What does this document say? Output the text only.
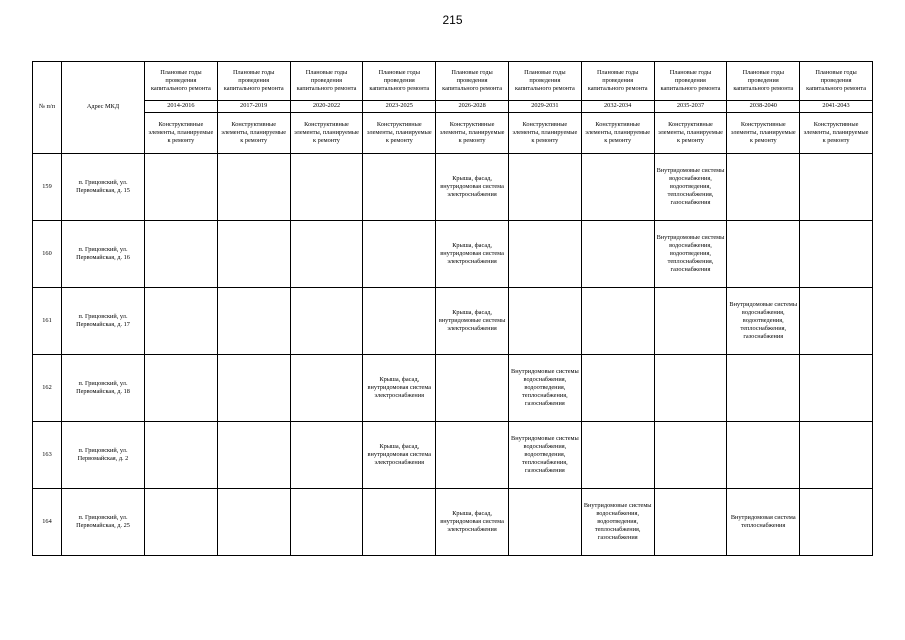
215
№ п/п	Адрес МКД	Плановые годы проведения капитального ремонта	Плановые годы проведения капитального ремонта	Плановые годы проведения капитального ремонта	Плановые годы проведения капитального ремонта	Плановые годы проведения капитального ремонта	Плановые годы проведения капитального ремонта	Плановые годы проведения капитального ремонта	Плановые годы проведения капитального ремонта	Плановые годы проведения капитального ремонта	Плановые годы проведения капитального ремонта
		2014-2016	2017-2019	2020-2022	2023-2025	2026-2028	2029-2031	2032-2034	2035-2037	2038-2040	2041-2043
		Конструктивные элементы, планируемые к ремонту	Конструктивные элементы, планируемые к ремонту	Конструктивные элементы, планируемые к ремонту	Конструктивные элементы, планируемые к ремонту	Конструктивные элементы, планируемые к ремонту	Конструктивные элементы, планируемые к ремонту	Конструктивные элементы, планируемые к ремонту	Конструктивные элементы, планируемые к ремонту	Конструктивные элементы, планируемые к ремонту	Конструктивные элементы, планируемые к ремонту
159	п. Грицовский, ул. Первомайская, д. 15					Крыша, фасад, внутридомовая система электроснабжения			Внутридомовые системы водоснабжения, водоотведения, теплоснабжения, газоснабжения		
160	п. Грицовский, ул. Первомайская, д. 16					Крыша, фасад, внутридомовая система электроснабжения			Внутридомовые системы водоснабжения, водоотведения, теплоснабжения, газоснабжения		
161	п. Грицовский, ул. Первомайская, д. 17					Крыша, фасад, внутридомовые системы электроснабжения				Внутридомовые системы водоснабжения, водоотведения, теплоснабжения, газоснабжения	
162	п. Грицовский, ул. Первомайская, д. 18				Крыша, фасад, внутридомовая система электроснабжения		Внутридомовые системы водоснабжения, водоотведения, теплоснабжения, газоснабжения				
163	п. Грицовский, ул. Первомайская, д. 2				Крыша, фасад, внутридомовая система электроснабжения		Внутридомовые системы водоснабжения, водоотведения, теплоснабжения, газоснабжения				
164	п. Грицовский, ул. Первомайская, д. 25					Крыша, фасад, внутридомовая система электроснабжения		Внутридомовые системы водоснабжения, водоотведения, теплоснабжения, газоснабжения		Внутридомовая система теплоснабжения	
